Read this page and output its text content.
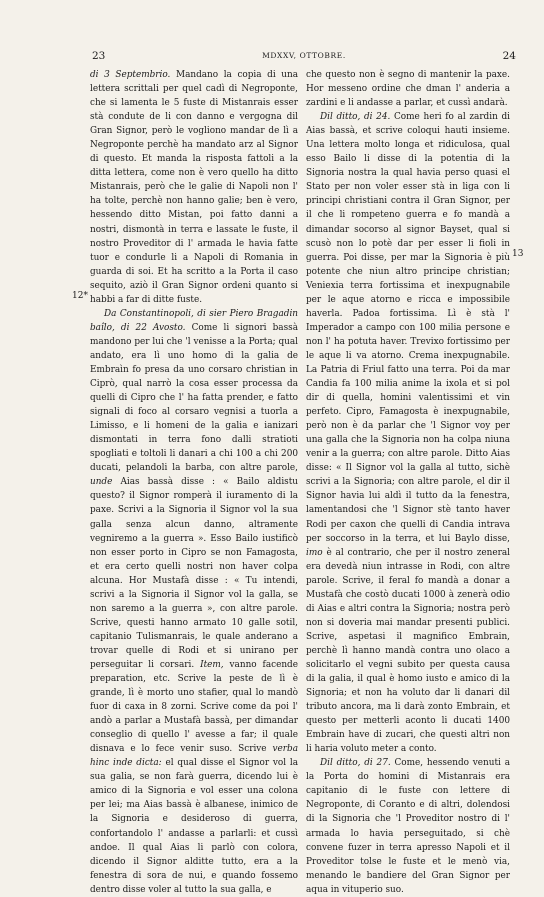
23	MDXXV, OTTOBRE.	24
12*
13

di 3 Septembrio. Mandano la copia di una lettera scrittali per quel cadì di Negroponte, che si lamenta le 5 fuste di Mistanrais esser stà condute de li con danno e vergogna dil Gran Signor, però le vogliono mandar de lì a Negroponte perchè ha mandato arz al Signor di questo. Et manda la risposta fattoli a la ditta lettera, come non è vero quello ha ditto Mistanrais, però che le galie di Napoli non l' ha tolte, perchè non hanno galie; ben è vero, hessendo ditto Mistan, poi fatto danni a nostri, dismontà in terra e lassate le fuste, il nostro Proveditor di l' armada le havia fatte tuor e condurle li a Napoli di Romania in guarda di soi. Et ha scritto a la Porta il caso sequito, aziò il Gran Signor ordeni quanto si habbi a far di ditte fuste.

Da Constantinopoli, di sier Piero Bragadin baîlo, di 22 Avosto. Come li signori bassà mandono per lui che 'l venisse a la Porta; qual andato, era lì uno homo di la galia de Embraìn fo presa da uno corsaro christian in Ciprò, qual narrò la cosa esser processa da quelli di Cipro che l' ha fatta prender, e fatto signali di foco al corsaro vegnisi a tuorla a Limisso, e li homeni de la galia e ianizari dismontati in terra fono dalli stratioti spogliati e toltoli li danari a chi 100 a chi 200 ducati, pelandoli la barba, con altre parole, unde Aias bassà disse : « Bailo aldistu questo? il Signor romperà il iuramento di la paxe. Scrivi a la Signoria il Signor vol la sua galla senza alcun danno, altramente vegniremo a la guerra ». Esso Bailo iustificò non esser porto in Cipro se non Famagosta, et era certo quelli nostri non haver colpa alcuna. Hor Mustafà disse : « Tu intendi, scrivi a la Signoria il Signor vol la galla, se non saremo a la guerra », con altre parole. Scrive, questi hanno armato 10 galle sotil, capitanio Tulismanrais, le quale anderano a trovar quelle di Rodi et si unirano per perseguitar li corsari. Item, vanno facende preparation, etc. Scrive la peste de lì è grande, lì è morto uno stafier, qual lo mandò fuor di caxa in 8 zorni. Scrive come da poi l' andò a parlar a Mustafà bassà, per dimandar conseglio di quello l' avesse a far; il quale disnava e lo fece venir suso. Scrive verba hinc inde dicta: el qual disse el Signor vol la sua galia, se non farà guerra, dicendo lui è amico di la Signoria e vol esser una colona per lei; ma Aias bassà è albanese, inimico de la Signoria e desideroso di guerra, confortandolo l' andasse a parlarli: et cussì andoe. Il qual Aias li parlò con colora, dicendo il Signor alditte tutto, era a la fenestra di sora de nui, e quando fossemo dentro disse voler al tutto la sua galla, e

che questo non è segno di mantenir la paxe. Hor messeno ordine che dman l' anderia a zardini e li andasse a parlar, et cussì andarà.

Dil ditto, di 24. Come heri fo al zardin di Aias bassà, et scrive coloqui hauti insieme. Una lettera molto longa et ridiculosa, qual esso Bailo li disse di la potentia di la Signoria nostra la qual havia perso quasi el Stato per non voler esser stà in liga con li principi christiani contra il Gran Signor, per il che li rompeteno guerra e fo mandà a dimandar socorso al signor Bayset, qual si scusò non lo potè dar per esser li fioli in guerra. Poi disse, per mar la Signoria è più potente che niun altro principe christian; Veniexia terra fortissima et inexpugnabile per le aque atorno e ricca e impossibile haverla. Padoa fortissima. Lì è stà l' Imperador a campo con 100 milia persone e non l' ha potuta haver. Trevixo fortissimo per le aque li va atorno. Crema inexpugnabile. La Patria di Friul fatto una terra. Poi da mar Candia fa 100 milia anime la ixola et si pol dir di quella, homini valentissimi et vin perfeto. Cipro, Famagosta è inexpugnabile, però non è da parlar che 'l Signor voy per una galla che la Signoria non ha colpa niuna venir a la guerra; con altre parole. Ditto Aias disse: « Il Signor vol la galla al tutto, sichè scrivi a la Signoria; con altre parole, el dir il Signor havia lui aldì il tutto da la fenestra, lamentandosi che 'l Signor stè tanto haver Rodi per caxon che quelli di Candia intrava per soccorso in la terra, et lui Baylo disse, imo è al contrario, che per il nostro zeneral era devedà niun intrasse in Rodi, con altre parole. Scrive, il feral fo mandà a donar a Mustafà che costò ducati 1000 à zenerà odio di Aias e altri contra la Signoria; nostra però non si doveria mai mandar presenti publici. Scrive, aspetasi il magnifico Embrain, perchè lì hanno mandà contra uno olaco a solicitarlo el vegni subito per questa causa di la galia, il qual è homo iusto e amico di la Signoria; et non ha voluto dar li danari dil tributo ancora, ma li darà zonto Embrain, et questo per metterli aconto li ducati 1400 Embrain have di zucari, che questi altri non li haria voluto meter a conto.

Dil ditto, di 27. Come, hessendo venuti a la Porta do homini di Mistanrais era capitanio di le fuste con lettere di Negroponte, di Coranto e di altri, dolendosi di la Signoria che 'l Proveditor nostro di l' armada lo havia perseguitado, si chè convene fuzer in terra apresso Napoli et il Proveditor tolse le fuste et le menò via, menando le bandiere del Gran Signor per aqua in vituperio suo.
